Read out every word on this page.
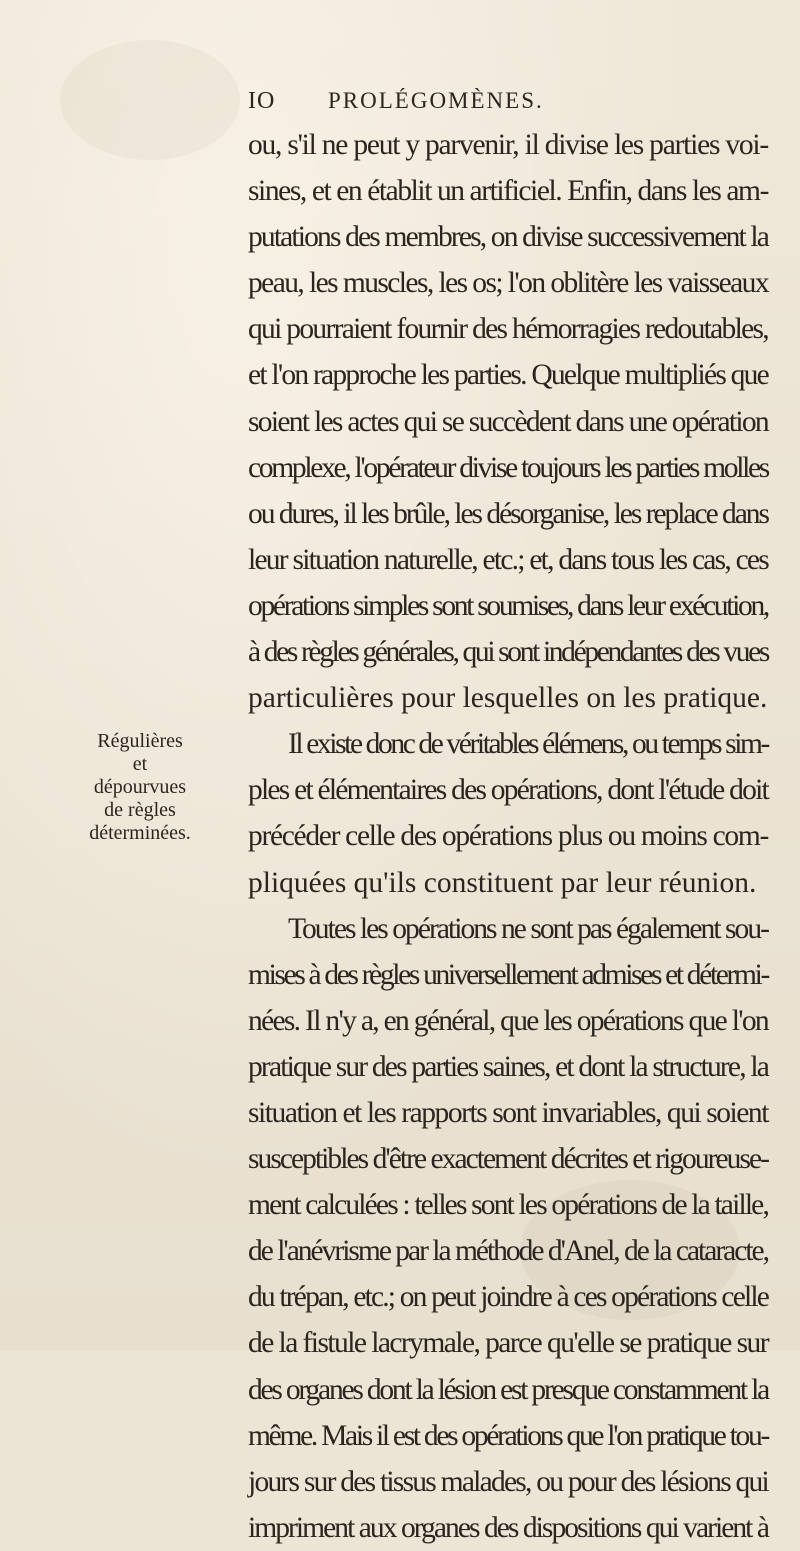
IO PROLÉGOMÈNES.
Régulières
et
dépourvues
de règles
déterminées.
ou, s'il ne peut y parvenir, il divise les parties voi-
sines, et en établit un artificiel. Enfin, dans les am-
putations des membres, on divise successivement la
peau, les muscles, les os; l'on oblitère les vaisseaux
qui pourraient fournir des hémorragies redoutables,
et l'on rapproche les parties. Quelque multipliés que
soient les actes qui se succèdent dans une opération
complexe, l'opérateur divise toujours les parties molles
ou dures, il les brûle, les désorganise, les replace dans
leur situation naturelle, etc.; et, dans tous les cas, ces
opérations simples sont soumises, dans leur exécution,
à des règles générales, qui sont indépendantes des vues
particulières pour lesquelles on les pratique.
Il existe donc de véritables élémens, ou temps sim-
ples et élémentaires des opérations, dont l'étude doit
précéder celle des opérations plus ou moins com-
pliquées qu'ils constituent par leur réunion.
Toutes les opérations ne sont pas également sou-
mises à des règles universellement admises et détermi-
nées. Il n'y a, en général, que les opérations que l'on
pratique sur des parties saines, et dont la structure, la
situation et les rapports sont invariables, qui soient
susceptibles d'être exactement décrites et rigoureuse-
ment calculées : telles sont les opérations de la taille,
de l'anévrisme par la méthode d'Anel, de la cataracte,
du trépan, etc.; on peut joindre à ces opérations celle
de la fistule lacrymale, parce qu'elle se pratique sur
des organes dont la lésion est presque constamment la
même. Mais il est des opérations que l'on pratique tou-
jours sur des tissus malades, ou pour des lésions qui
impriment aux organes des dispositions qui varient à
